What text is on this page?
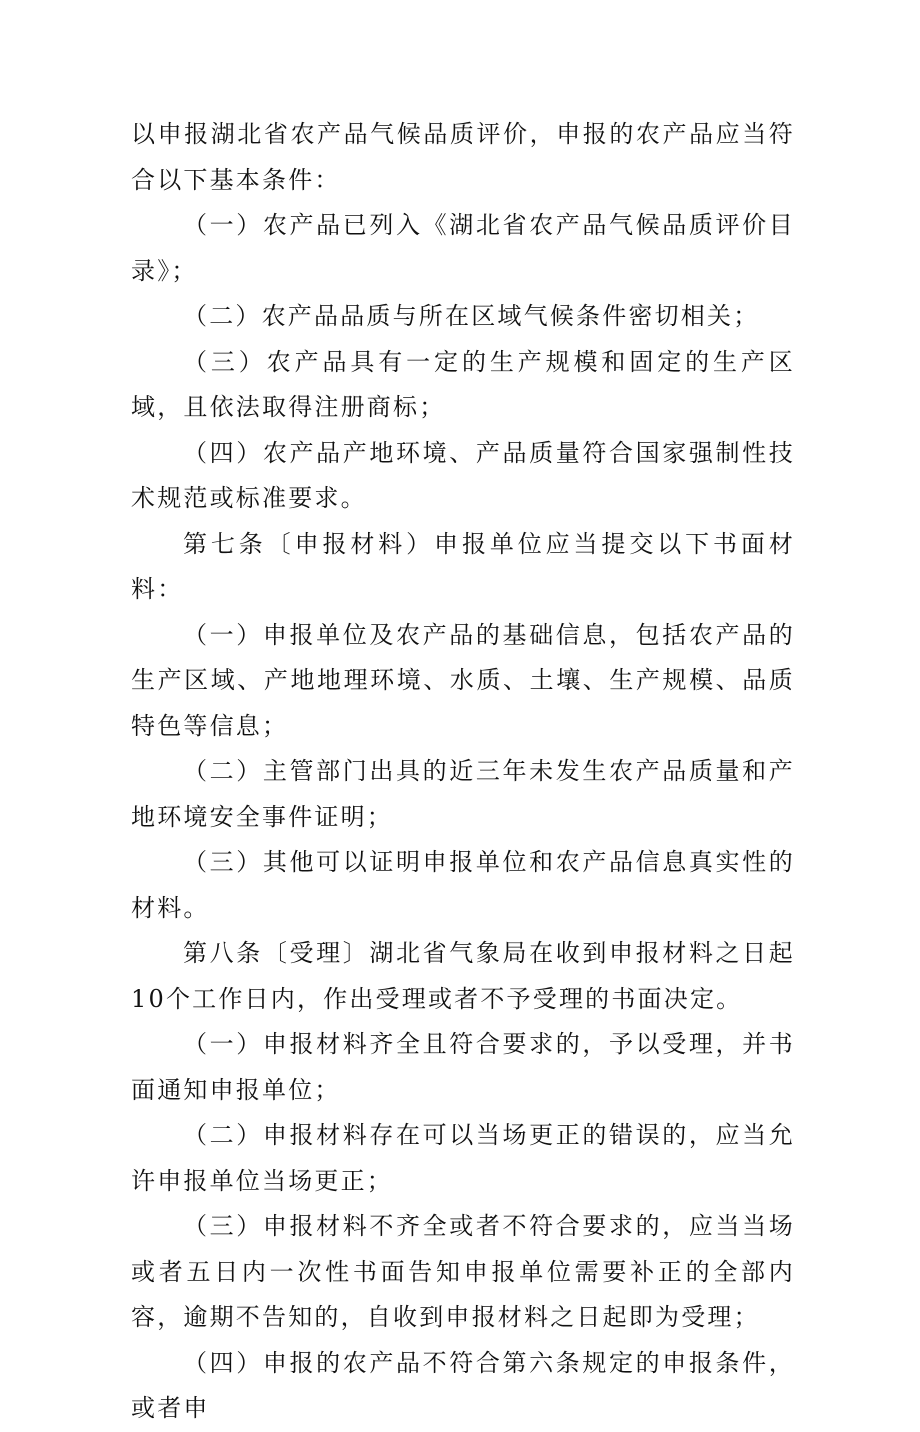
以申报湖北省农产品气候品质评价，申报的农产品应当符合以下基本条件：

（一）农产品已列入《湖北省农产品气候品质评价目录》；

（二）农产品品质与所在区域气候条件密切相关；

（三）农产品具有一定的生产规模和固定的生产区域，且依法取得注册商标；

（四）农产品产地环境、产品质量符合国家强制性技术规范或标准要求。

第七条〔申报材料）申报单位应当提交以下书面材料：

（一）申报单位及农产品的基础信息，包括农产品的生产区域、产地地理环境、水质、土壤、生产规模、品质特色等信息；

（二）主管部门出具的近三年未发生农产品质量和产地环境安全事件证明；

（三）其他可以证明申报单位和农产品信息真实性的材料。

第八条〔受理〕湖北省气象局在收到申报材料之日起10个工作日内，作出受理或者不予受理的书面决定。

（一）申报材料齐全且符合要求的，予以受理，并书面通知申报单位；

（二）申报材料存在可以当场更正的错误的，应当允许申报单位当场更正；

（三）申报材料不齐全或者不符合要求的，应当当场或者五日内一次性书面告知申报单位需要补正的全部内容，逾期不告知的，自收到申报材料之日起即为受理；

（四）申报的农产品不符合第六条规定的申报条件，或者申
